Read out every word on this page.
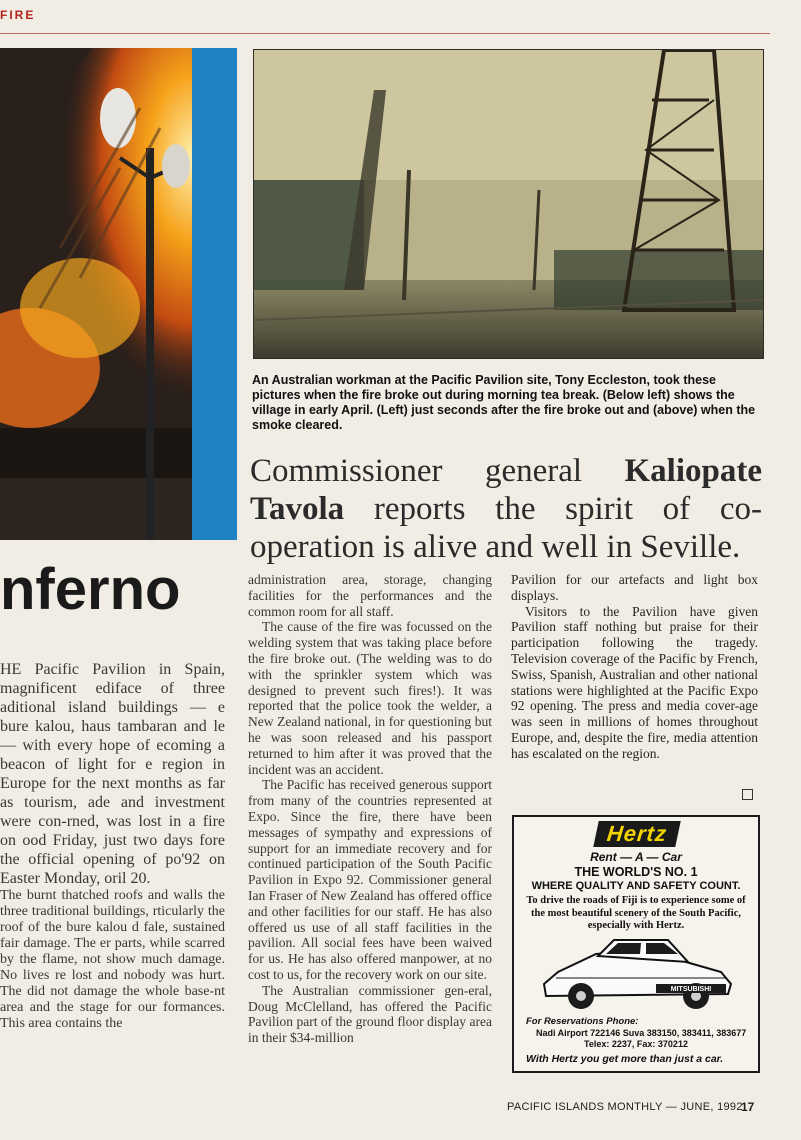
FIRE
An Australian workman at the Pacific Pavilion site, Tony Eccleston, took these pictures when the fire broke out during morning tea break. (Below left) shows the village in early April. (Left) just seconds after the fire broke out and (above) when the smoke cleared.
Commissioner general Kaliopate Tavola reports the spirit of co-operation is alive and well in Seville.
nferno

HE Pacific Pavilion in Spain, magnificent ediface of three aditional island buildings — e bure kalou, haus tambaran and le — with every hope of ecoming a beacon of light for e region in Europe for the next months as far as tourism, ade and investment were con-rned, was lost in a fire on ood Friday, just two days fore the official opening of po'92 on Easter Monday, oril 20.

The burnt thatched roofs and walls the three traditional buildings, rticularly the roof of the bure kalou d fale, sustained fair damage. The er parts, while scarred by the flame, not show much damage. No lives re lost and nobody was hurt. The did not damage the whole base-nt area and the stage for our formances. This area contains the

administration area, storage, changing facilities for the performances and the common room for all staff.

The cause of the fire was focussed on the welding system that was taking place before the fire broke out. (The welding was to do with the sprinkler system which was designed to prevent such fires!). It was reported that the police took the welder, a New Zealand national, in for questioning but he was soon released and his passport returned to him after it was proved that the incident was an accident.

The Pacific has received generous support from many of the countries represented at Expo. Since the fire, there have been messages of sympathy and expressions of support for an immediate recovery and for continued participation of the South Pacific Pavilion in Expo 92. Commissioner general Ian Fraser of New Zealand has offered office and other facilities for our staff. He has also offered us use of all staff facilities in the pavilion. All social fees have been waived for us. He has also offered manpower, at no cost to us, for the recovery work on our site.

The Australian commissioner gen-eral, Doug McClelland, has offered the Pacific Pavilion part of the ground floor display area in their $34-million

Pavilion for our artefacts and light box displays.

Visitors to the Pavilion have given Pavilion staff nothing but praise for their participation following the tragedy. Television coverage of the Pacific by French, Swiss, Spanish, Australian and other national stations were highlighted at the Pacific Expo 92 opening. The press and media cover-age was seen in millions of homes throughout Europe, and, despite the fire, media attention has escalated on the region.

Hertz
Rent — A — Car
THE WORLD'S NO. 1
WHERE QUALITY AND SAFETY COUNT.
To drive the roads of Fiji is to experience some of the most beautiful scenery of the South Pacific, especially with Hertz.
MITSUBISHI
For Reservations Phone:
Nadi Airport 722146 Suva 383150, 383411, 383677
Telex: 2237, Fax: 370212
With Hertz you get more than just a car.
PACIFIC ISLANDS MONTHLY — JUNE, 1992
17
